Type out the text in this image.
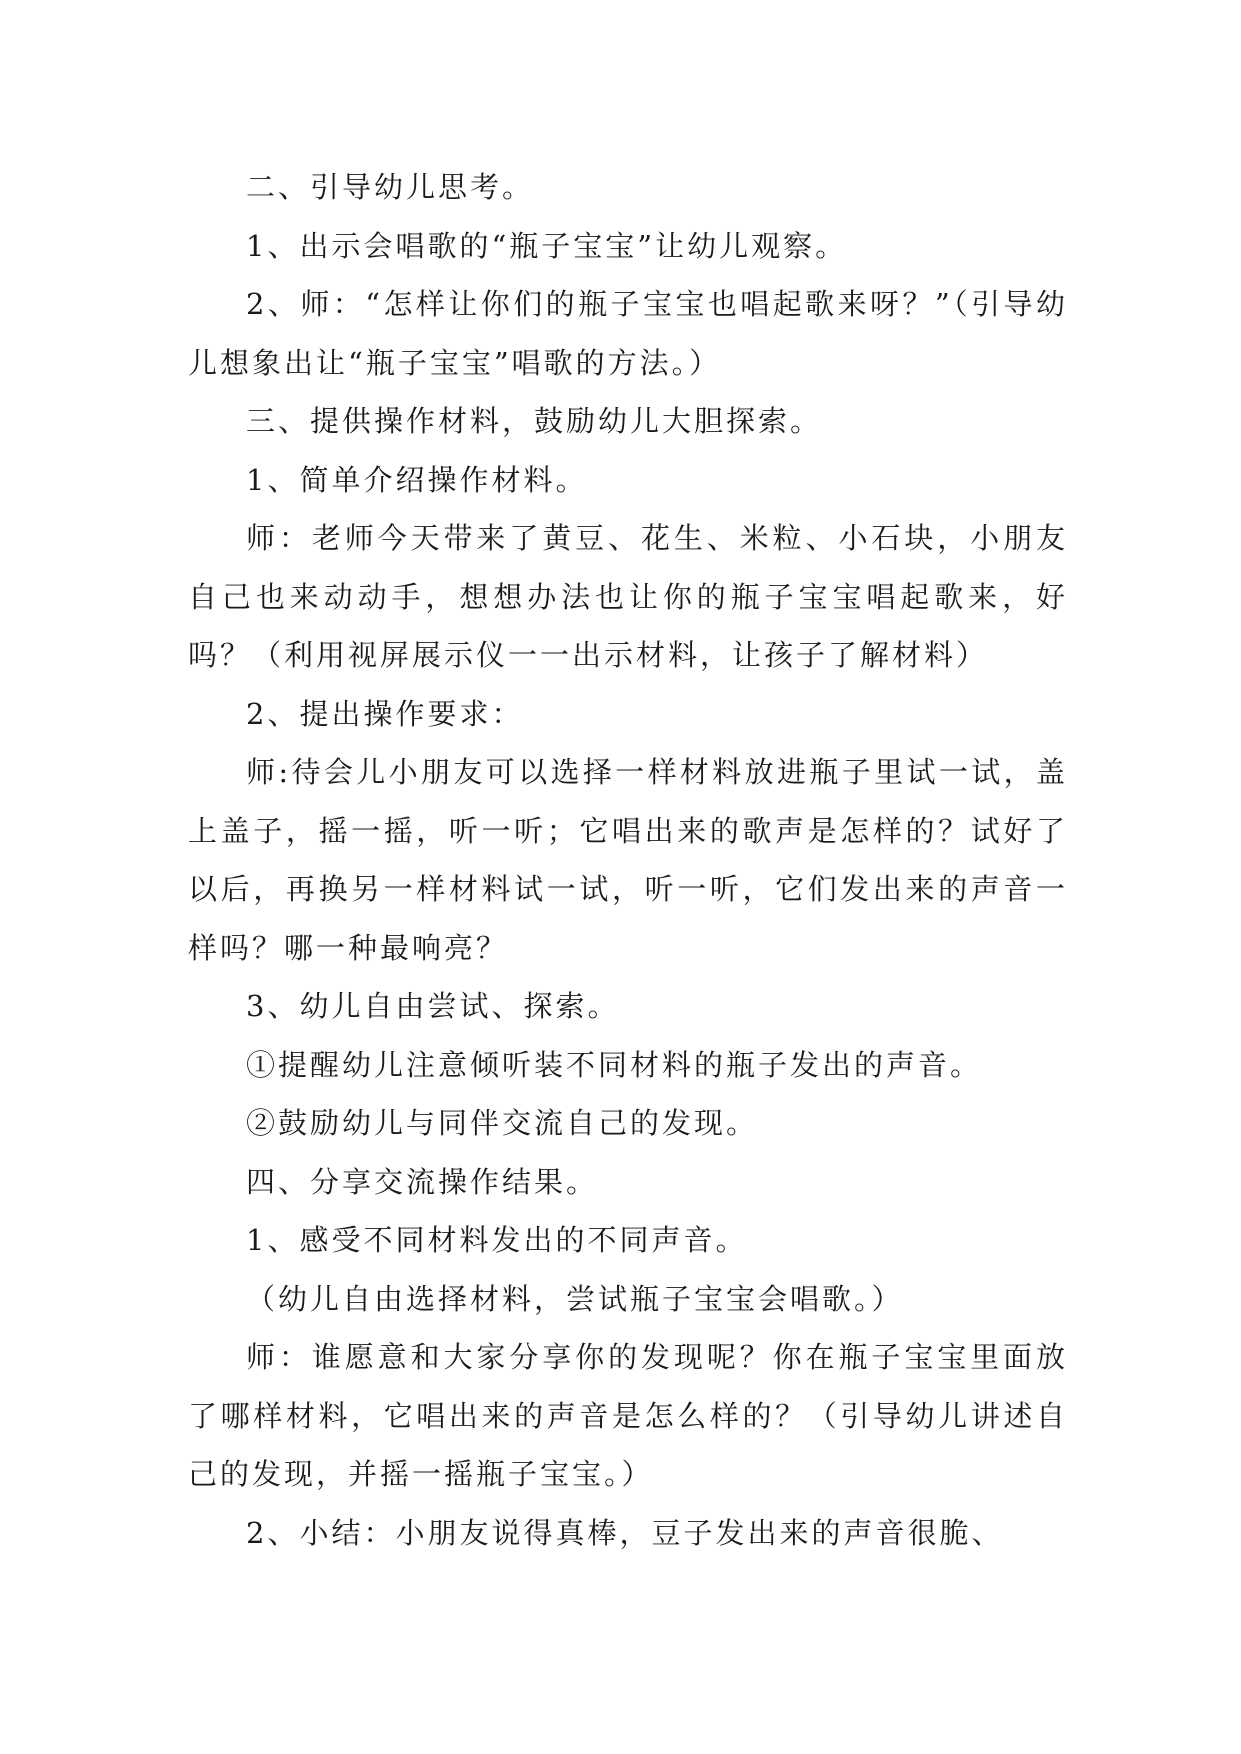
二、引导幼儿思考。

1、出示会唱歌的“瓶子宝宝”让幼儿观察。

2、师：“怎样让你们的瓶子宝宝也唱起歌来呀？”（引导幼儿想象出让“瓶子宝宝”唱歌的方法。）

三、提供操作材料，鼓励幼儿大胆探索。

1、简单介绍操作材料。

师：老师今天带来了黄豆、花生、米粒、小石块，小朋友自己也来动动手，想想办法也让你的瓶子宝宝唱起歌来，好吗？（利用视屏展示仪一一出示材料，让孩子了解材料）

2、提出操作要求：

师:待会儿小朋友可以选择一样材料放进瓶子里试一试，盖上盖子，摇一摇，听一听；它唱出来的歌声是怎样的？试好了以后，再换另一样材料试一试，听一听，它们发出来的声音一样吗？哪一种最响亮？

3、幼儿自由尝试、探索。

①提醒幼儿注意倾听装不同材料的瓶子发出的声音。

②鼓励幼儿与同伴交流自己的发现。

四、分享交流操作结果。

1、感受不同材料发出的不同声音。

（幼儿自由选择材料，尝试瓶子宝宝会唱歌。）

师：谁愿意和大家分享你的发现呢？你在瓶子宝宝里面放了哪样材料，它唱出来的声音是怎么样的？（引导幼儿讲述自己的发现，并摇一摇瓶子宝宝。）

2、小结：小朋友说得真棒，豆子发出来的声音很脆、
